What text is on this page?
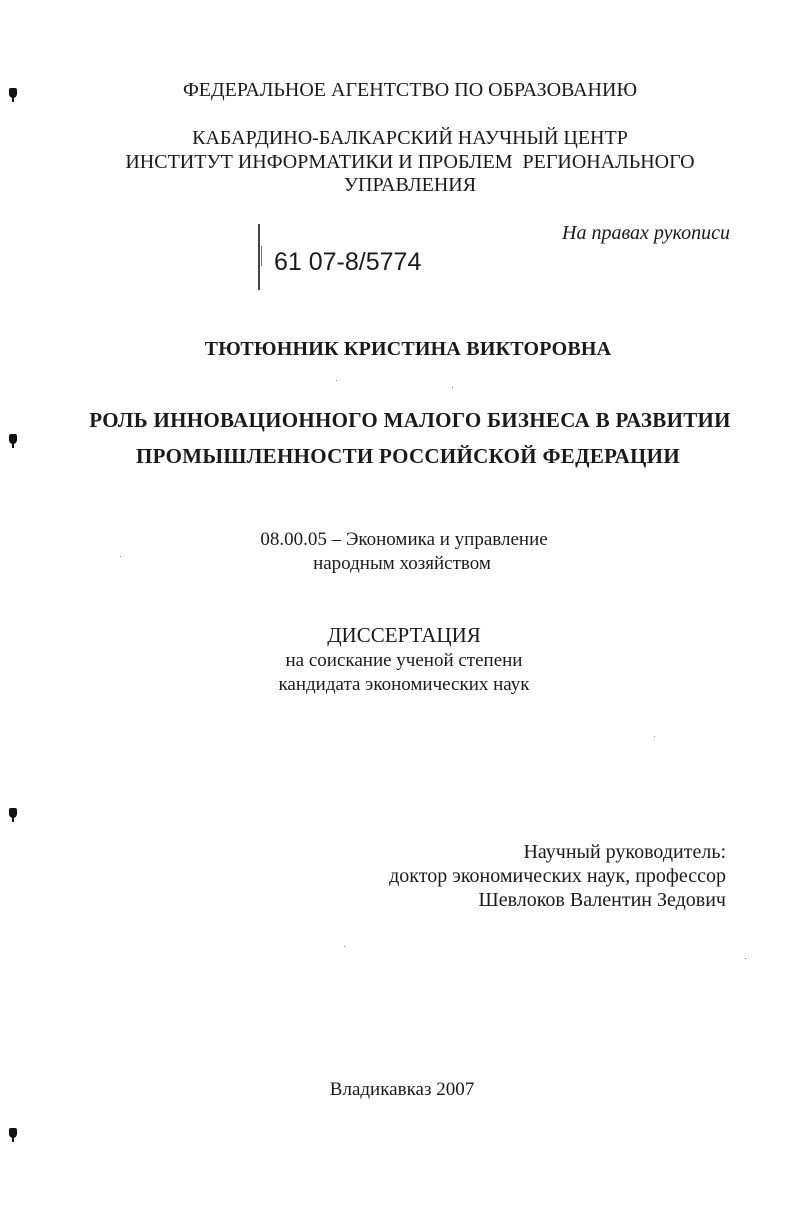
ФЕДЕРАЛЬНОЕ АГЕНТСТВО ПО ОБРАЗОВАНИЮ
КАБАРДИНО-БАЛКАРСКИЙ НАУЧНЫЙ ЦЕНТР
ИНСТИТУТ ИНФОРМАТИКИ И ПРОБЛЕМ  РЕГИОНАЛЬНОГО
УПРАВЛЕНИЯ
На правах рукописи
61 07-8/5774
ТЮТЮННИК КРИСТИНА ВИКТОРОВНА
РОЛЬ ИННОВАЦИОННОГО МАЛОГО БИЗНЕСА В РАЗВИТИИ
ПРОМЫШЛЕННОСТИ РОССИЙСКОЙ ФЕДЕРАЦИИ
08.00.05 – Экономика и управление
народным хозяйством
ДИССЕРТАЦИЯ
на соискание ученой степени
кандидата экономических наук
Научный руководитель:
доктор экономических наук, профессор
Шевлоков Валентин Зедович
Владикавказ 2007
